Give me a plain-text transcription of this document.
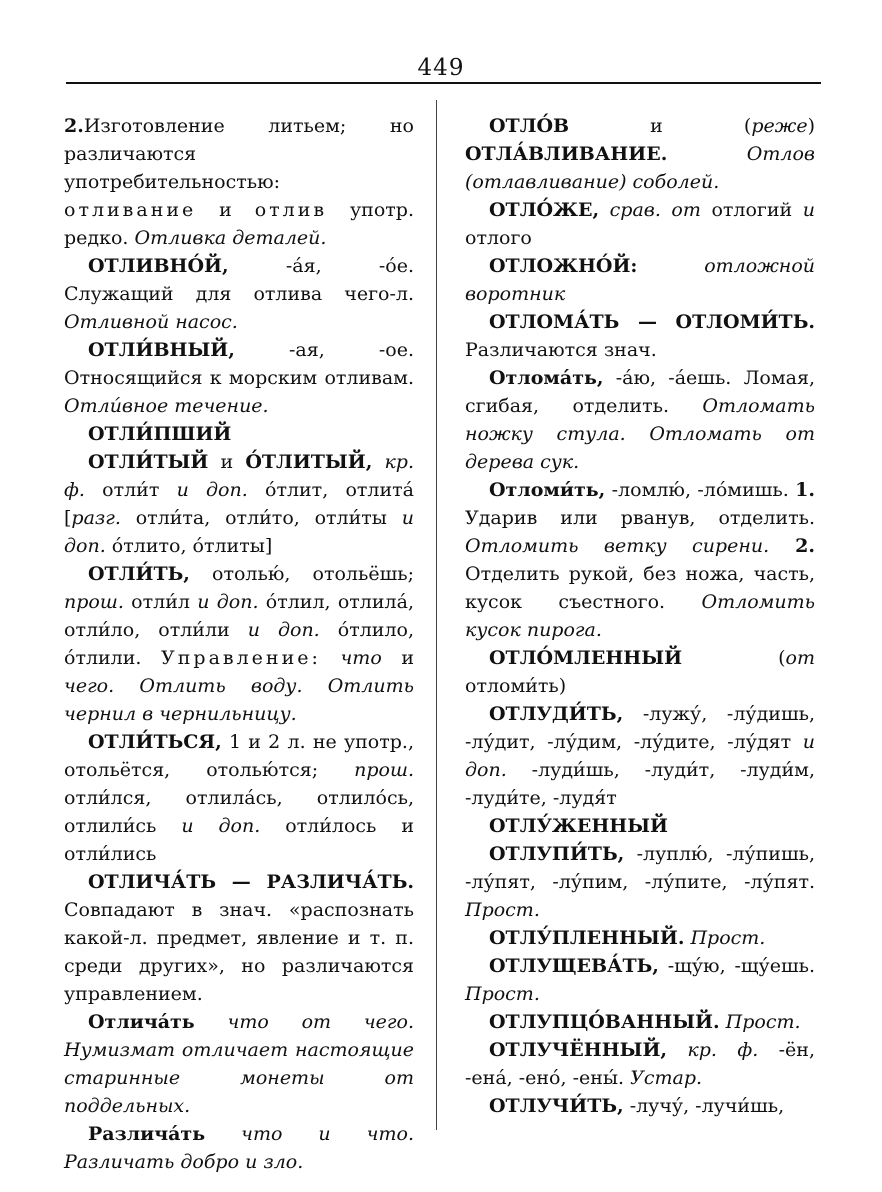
449

2.Изготовление литьем; но различаются употребительностью: отливание и отлив употр. редко. Отливка деталей.

ОТЛИВНО́Й, -а́я, -о́е. Служащий для отлива чего-л. Отливной насос.

ОТЛИ́ВНЫЙ, -ая, -ое. Относящийся к морским отливам. Отли́вное течение.

ОТЛИ́ПШИЙ

ОТЛИ́ТЫЙ и О́ТЛИТЫЙ, кр. ф. отли́т и доп. о́тлит, отлита́ [разг. отли́та, отли́то, отли́ты и доп. о́тлито, о́тлиты]

ОТЛИ́ТЬ, отолью́, отольёшь; прош. отли́л и доп. о́тлил, отлила́, отли́ло, отли́ли и доп. о́тлило, о́тлили. Управление: что и чего. Отлить воду. Отлить чернил в чернильницу.

ОТЛИ́ТЬСЯ, 1 и 2 л. не употр., отольётся, отолью́тся; прош. отли́лся, отлила́сь, отлило́сь, отлили́сь и доп. отли́лось и отли́лись

ОТЛИЧА́ТЬ — РАЗЛИЧА́ТЬ. Совпадают в знач. «распознать какой-л. предмет, явление и т. п. среди других», но различаются управлением.

Отлича́ть что от чего. Нумизмат отличает настоящие старинные монеты от поддельных.

Различа́ть что и что. Различать добро и зло.

ОТЛО́В и (реже) ОТЛА́ВЛИВАНИЕ. Отлов (отлавливание) соболей.

ОТЛО́ЖЕ, срав. от отлогий и отлого

ОТЛОЖНО́Й: отложной воротник

ОТЛОМА́ТЬ — ОТЛОМИ́ТЬ. Различаются знач.

Отлома́ть, -а́ю, -а́ешь. Ломая, сгибая, отделить. Отломать ножку стула. Отломать от дерева сук.

Отломи́ть, -ломлю́, -ло́мишь. 1. Ударив или рванув, отделить. Отломить ветку сирени. 2. Отделить рукой, без ножа, часть, кусок съестного. Отломить кусок пирога.

ОТЛО́МЛЕННЫЙ (от отломи́ть)

ОТЛУДИ́ТЬ, -лужу́, -лу́дишь, -лу́дит, -лу́дим, -лу́дите, -лу́дят и доп. -луди́шь, -луди́т, -луди́м, -луди́те, -лудя́т

ОТЛУ́ЖЕННЫЙ

ОТЛУПИ́ТЬ, -луплю́, -лу́пишь, -лу́пят, -лу́пим, -лу́пите, -лу́пят. Прост.

ОТЛУ́ПЛЕННЫЙ. Прост.

ОТЛУЩЕВА́ТЬ, -щу́ю, -щу́ешь. Прост.

ОТЛУПЦО́ВАННЫЙ. Прост.

ОТЛУЧЁННЫЙ, кр. ф. -ён, -ена́, -ено́, -ены́. Устар.

ОТЛУЧИ́ТЬ, -лучу́, -лучи́шь,
